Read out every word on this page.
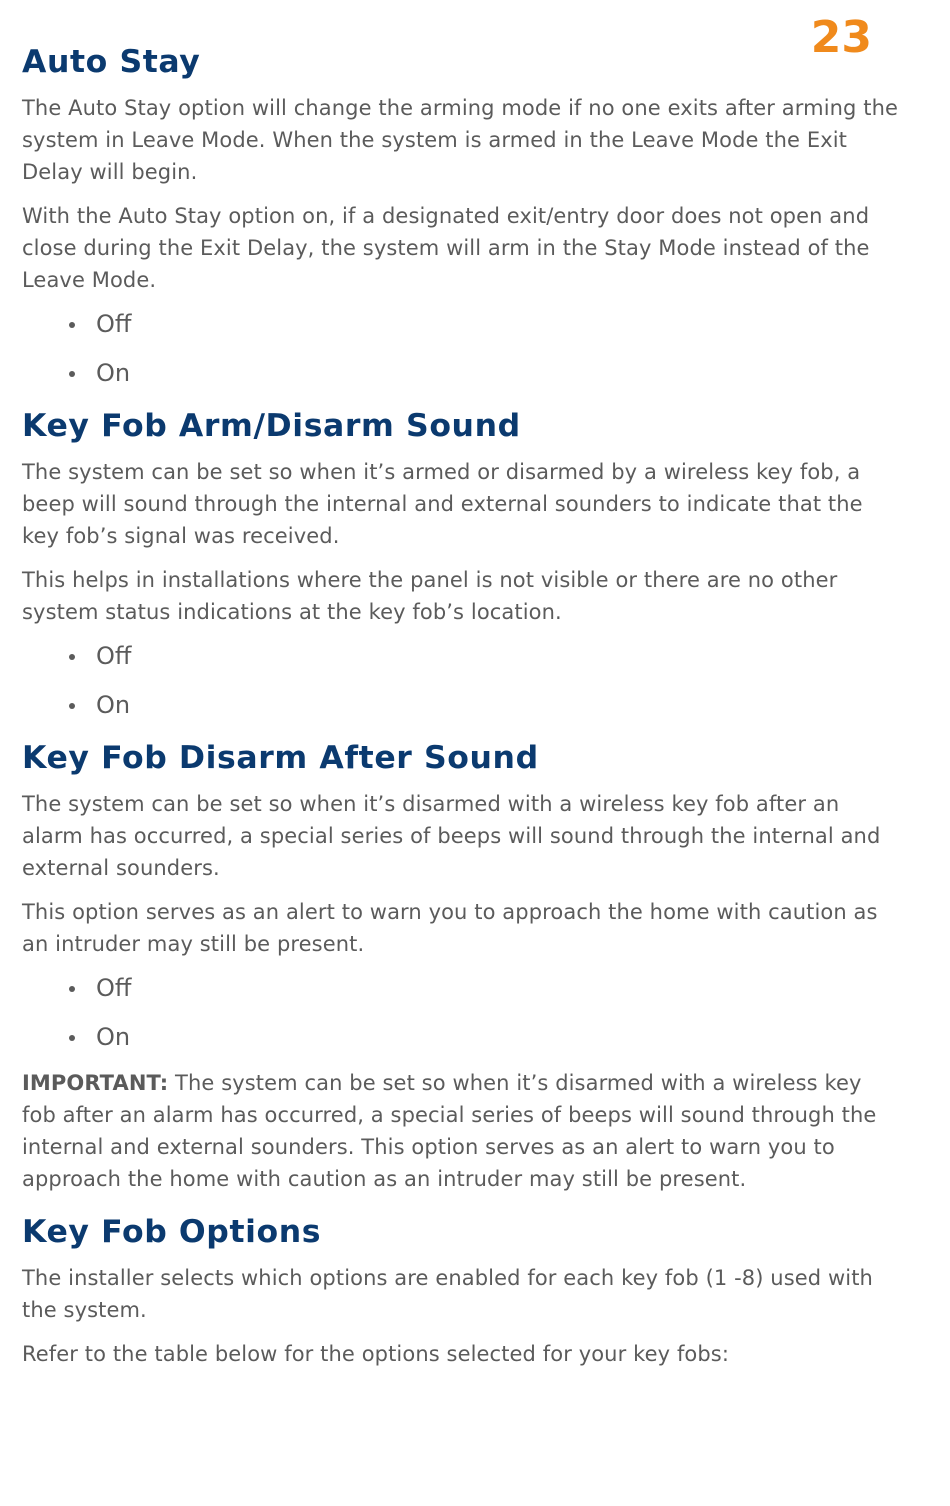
23
Auto Stay

The Auto Stay option will change the arming mode if no one exits after arming the system in Leave Mode. When the system is armed in the Leave Mode the Exit Delay will begin.

With the Auto Stay option on, if a designated exit/entry door does not open and close during the Exit Delay, the system will arm in the Stay Mode instead of the Leave Mode.

Off
On
Key Fob Arm/Disarm Sound

The system can be set so when it’s armed or disarmed by a wireless key fob, a beep will sound through the internal and external sounders to indicate that the key fob’s signal was received.

This helps in installations where the panel is not visible or there are no other system status indications at the key fob’s location.

Off
On
Key Fob Disarm After Sound

The system can be set so when it’s disarmed with a wireless key fob after an alarm has occurred, a special series of beeps will sound through the internal and external sounders.

This option serves as an alert to warn you to approach the home with caution as an intruder may still be present.

Off
On

IMPORTANT: The system can be set so when it’s disarmed with a wireless key fob after an alarm has occurred, a special series of beeps will sound through the internal and external sounders. This option serves as an alert to warn you to approach the home with caution as an intruder may still be present.

Key Fob Options

The installer selects which options are enabled for each key fob (1 -8) used with the system.

Refer to the table below for the options selected for your key fobs:
